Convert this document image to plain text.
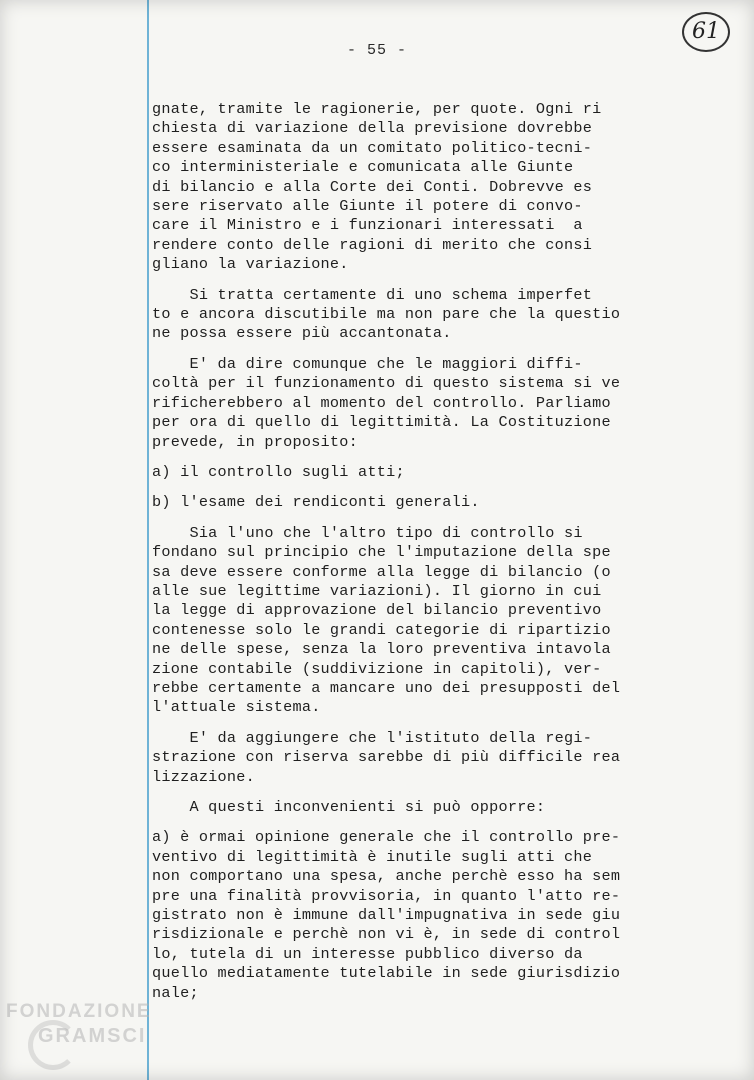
- 55 -
61
gnate, tramite le ragionerie, per quote. Ogni ri
chiesta di variazione della previsione dovrebbe
essere esaminata da un comitato politico-tecni-
co interministeriale e comunicata alle Giunte
di bilancio e alla Corte dei Conti. Dobrevve es
sere riservato alle Giunte il potere di convo-
care il Ministro e i funzionari interessati  a
rendere conto delle ragioni di merito che consi
gliano la variazione.
Si tratta certamente di uno schema imperfet
to e ancora discutibile ma non pare che la questio
ne possa essere più accantonata.
E' da dire comunque che le maggiori diffi-
coltà per il funzionamento di questo sistema si ve
rificherebbero al momento del controllo. Parliamo
per ora di quello di legittimità. La Costituzione
prevede, in proposito:
a) il controllo sugli atti;
b) l'esame dei rendiconti generali.
Sia l'uno che l'altro tipo di controllo si
fondano sul principio che l'imputazione della spe
sa deve essere conforme alla legge di bilancio (o
alle sue legittime variazioni). Il giorno in cui
la legge di approvazione del bilancio preventivo
contenesse solo le grandi categorie di ripartizio
ne delle spese, senza la loro preventiva intavola
zione contabile (suddivizione in capitoli), ver-
rebbe certamente a mancare uno dei presupposti del
l'attuale sistema.
E' da aggiungere che l'istituto della regi-
strazione con riserva sarebbe di più difficile rea
lizzazione.
A questi inconvenienti si può opporre:
a) è ormai opinione generale che il controllo pre-
ventivo di legittimità è inutile sugli atti che
non comportano una spesa, anche perchè esso ha sem
pre una finalità provvisoria, in quanto l'atto re-
gistrato non è immune dall'impugnativa in sede giu
risdizionale e perchè non vi è, in sede di control
lo, tutela di un interesse pubblico diverso da
quello mediatamente tutelabile in sede giurisdizio
nale;
FONDAZIONE
GRAMSCI
